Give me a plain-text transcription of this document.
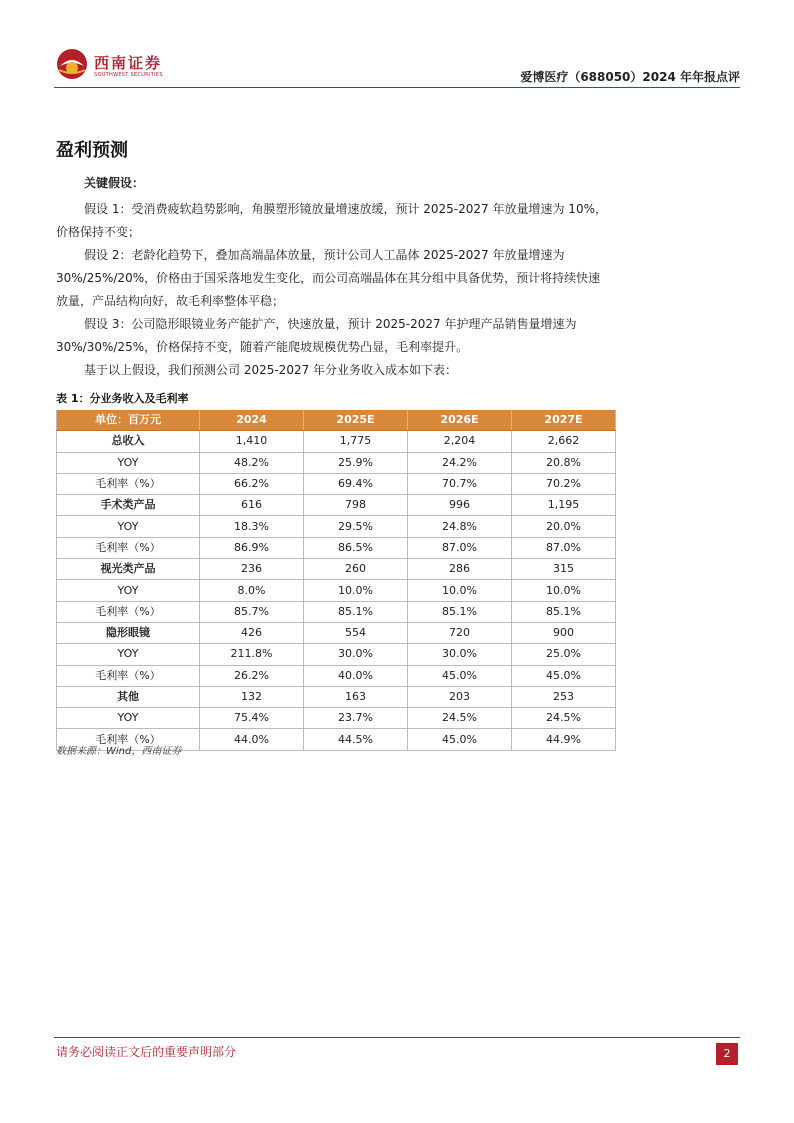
西南证券
SOUTHWEST SECURITIES	爱博医疗（688050）2024 年年报点评
盈利预测
关键假设：
假设 1：受消费疲软趋势影响，角膜塑形镜放量增速放缓，预计 2025-2027 年放量增速为 10%，价格保持不变；
假设 2：老龄化趋势下，叠加高端晶体放量，预计公司人工晶体 2025-2027 年放量增速为 30%/25%/20%，价格由于国采落地发生变化，而公司高端晶体在其分组中具备优势，预计将持续快速放量，产品结构向好，故毛利率整体平稳；
假设 3：公司隐形眼镜业务产能扩产，快速放量，预计 2025-2027 年护理产品销售量增速为 30%/30%/25%，价格保持不变，随着产能爬坡规模优势凸显，毛利率提升。
基于以上假设，我们预测公司 2025-2027 年分业务收入成本如下表：
表 1：分业务收入及毛利率
单位：百万元	2024	2025E	2026E	2027E
总收入	1,410	1,775	2,204	2,662
YOY	48.2%	25.9%	24.2%	20.8%
毛利率（%）	66.2%	69.4%	70.7%	70.2%
手术类产品	616	798	996	1,195
YOY	18.3%	29.5%	24.8%	20.0%
毛利率（%）	86.9%	86.5%	87.0%	87.0%
视光类产品	236	260	286	315
YOY	8.0%	10.0%	10.0%	10.0%
毛利率（%）	85.7%	85.1%	85.1%	85.1%
隐形眼镜	426	554	720	900
YOY	211.8%	30.0%	30.0%	25.0%
毛利率（%）	26.2%	40.0%	45.0%	45.0%
其他	132	163	203	253
YOY	75.4%	23.7%	24.5%	24.5%
毛利率（%）	44.0%	44.5%	45.0%	44.9%
数据来源：Wind，西南证券
请务必阅读正文后的重要声明部分	2
